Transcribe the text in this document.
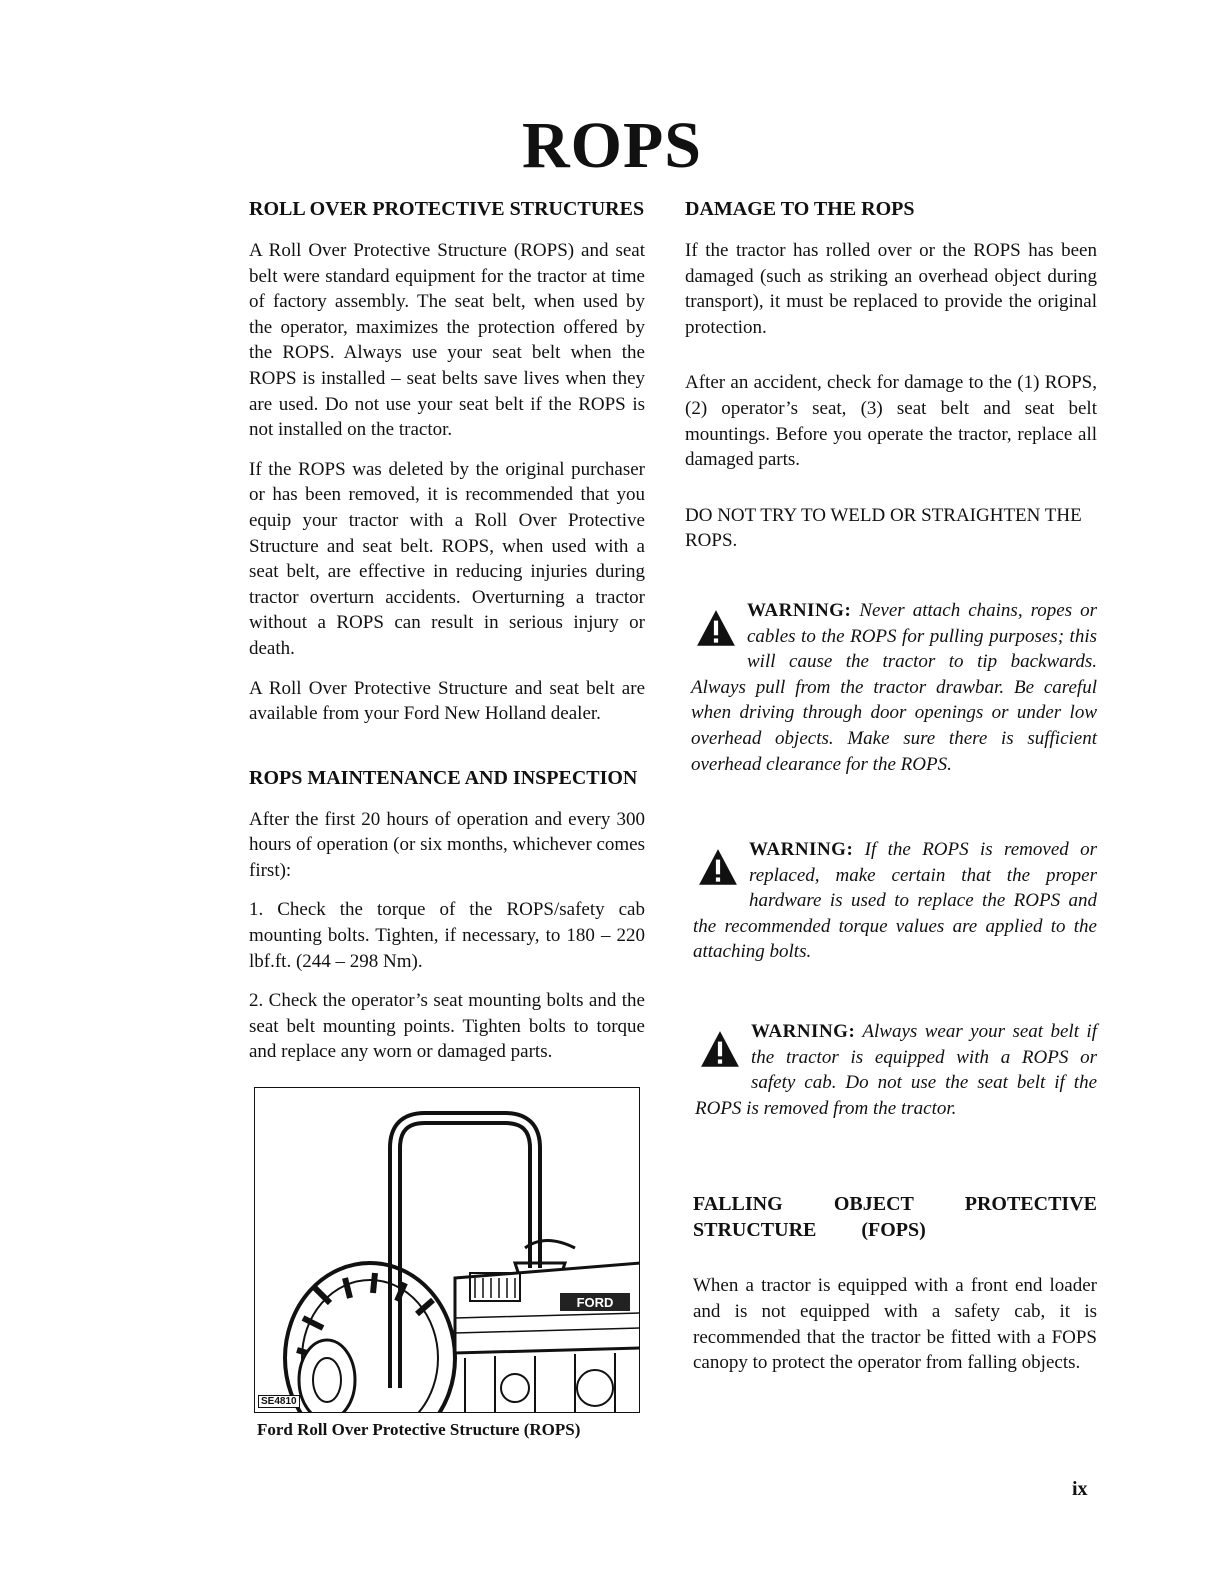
ROPS
ROLL OVER PROTECTIVE STRUCTURES

A Roll Over Protective Structure (ROPS) and seat belt were standard equipment for the tractor at time of factory assembly. The seat belt, when used by the operator, maximizes the protection offered by the ROPS. Always use your seat belt when the ROPS is installed – seat belts save lives when they are used. Do not use your seat belt if the ROPS is not installed on the tractor.

If the ROPS was deleted by the original purchaser or has been removed, it is recommended that you equip your tractor with a Roll Over Protective Structure and seat belt. ROPS, when used with a seat belt, are effective in reducing injuries during tractor overturn accidents. Overturning a tractor without a ROPS can result in serious injury or death.

A Roll Over Protective Structure and seat belt are available from your Ford New Holland dealer.

ROPS MAINTENANCE AND INSPECTION

After the first 20 hours of operation and every 300 hours of operation (or six months, whichever comes first):

1. Check the torque of the ROPS/safety cab mounting bolts. Tighten, if necessary, to 180 – 220 lbf.ft. (244 – 298 Nm).

2. Check the operator’s seat mounting bolts and the seat belt mounting points. Tighten bolts to torque and replace any worn or damaged parts.

FORD
SE4810

Ford Roll Over Protective Structure (ROPS)

DAMAGE TO THE ROPS

If the tractor has rolled over or the ROPS has been damaged (such as striking an overhead object during transport), it must be replaced to provide the original protection.

After an accident, check for damage to the (1) ROPS, (2) operator’s seat, (3) seat belt and seat belt mountings. Before you operate the tractor, replace all damaged parts.

DO NOT TRY TO WELD OR STRAIGHTEN THE ROPS.

WARNING: Never attach chains, ropes or cables to the ROPS for pulling purposes; this will cause the tractor to tip backwards. Always pull from the tractor drawbar. Be careful when driving through door openings or under low overhead objects. Make sure there is sufficient overhead clearance for the ROPS.

WARNING: If the ROPS is removed or replaced, make certain that the proper hardware is used to replace the ROPS and the recommended torque values are applied to the attaching bolts.

WARNING: Always wear your seat belt if the tractor is equipped with a ROPS or safety cab. Do not use the seat belt if the ROPS is removed from the tractor.

FALLING OBJECT PROTECTIVE STRUCTURE (FOPS)

When a tractor is equipped with a front end loader and is not equipped with a safety cab, it is recommended that the tractor be fitted with a FOPS canopy to protect the operator from falling objects.

ix
